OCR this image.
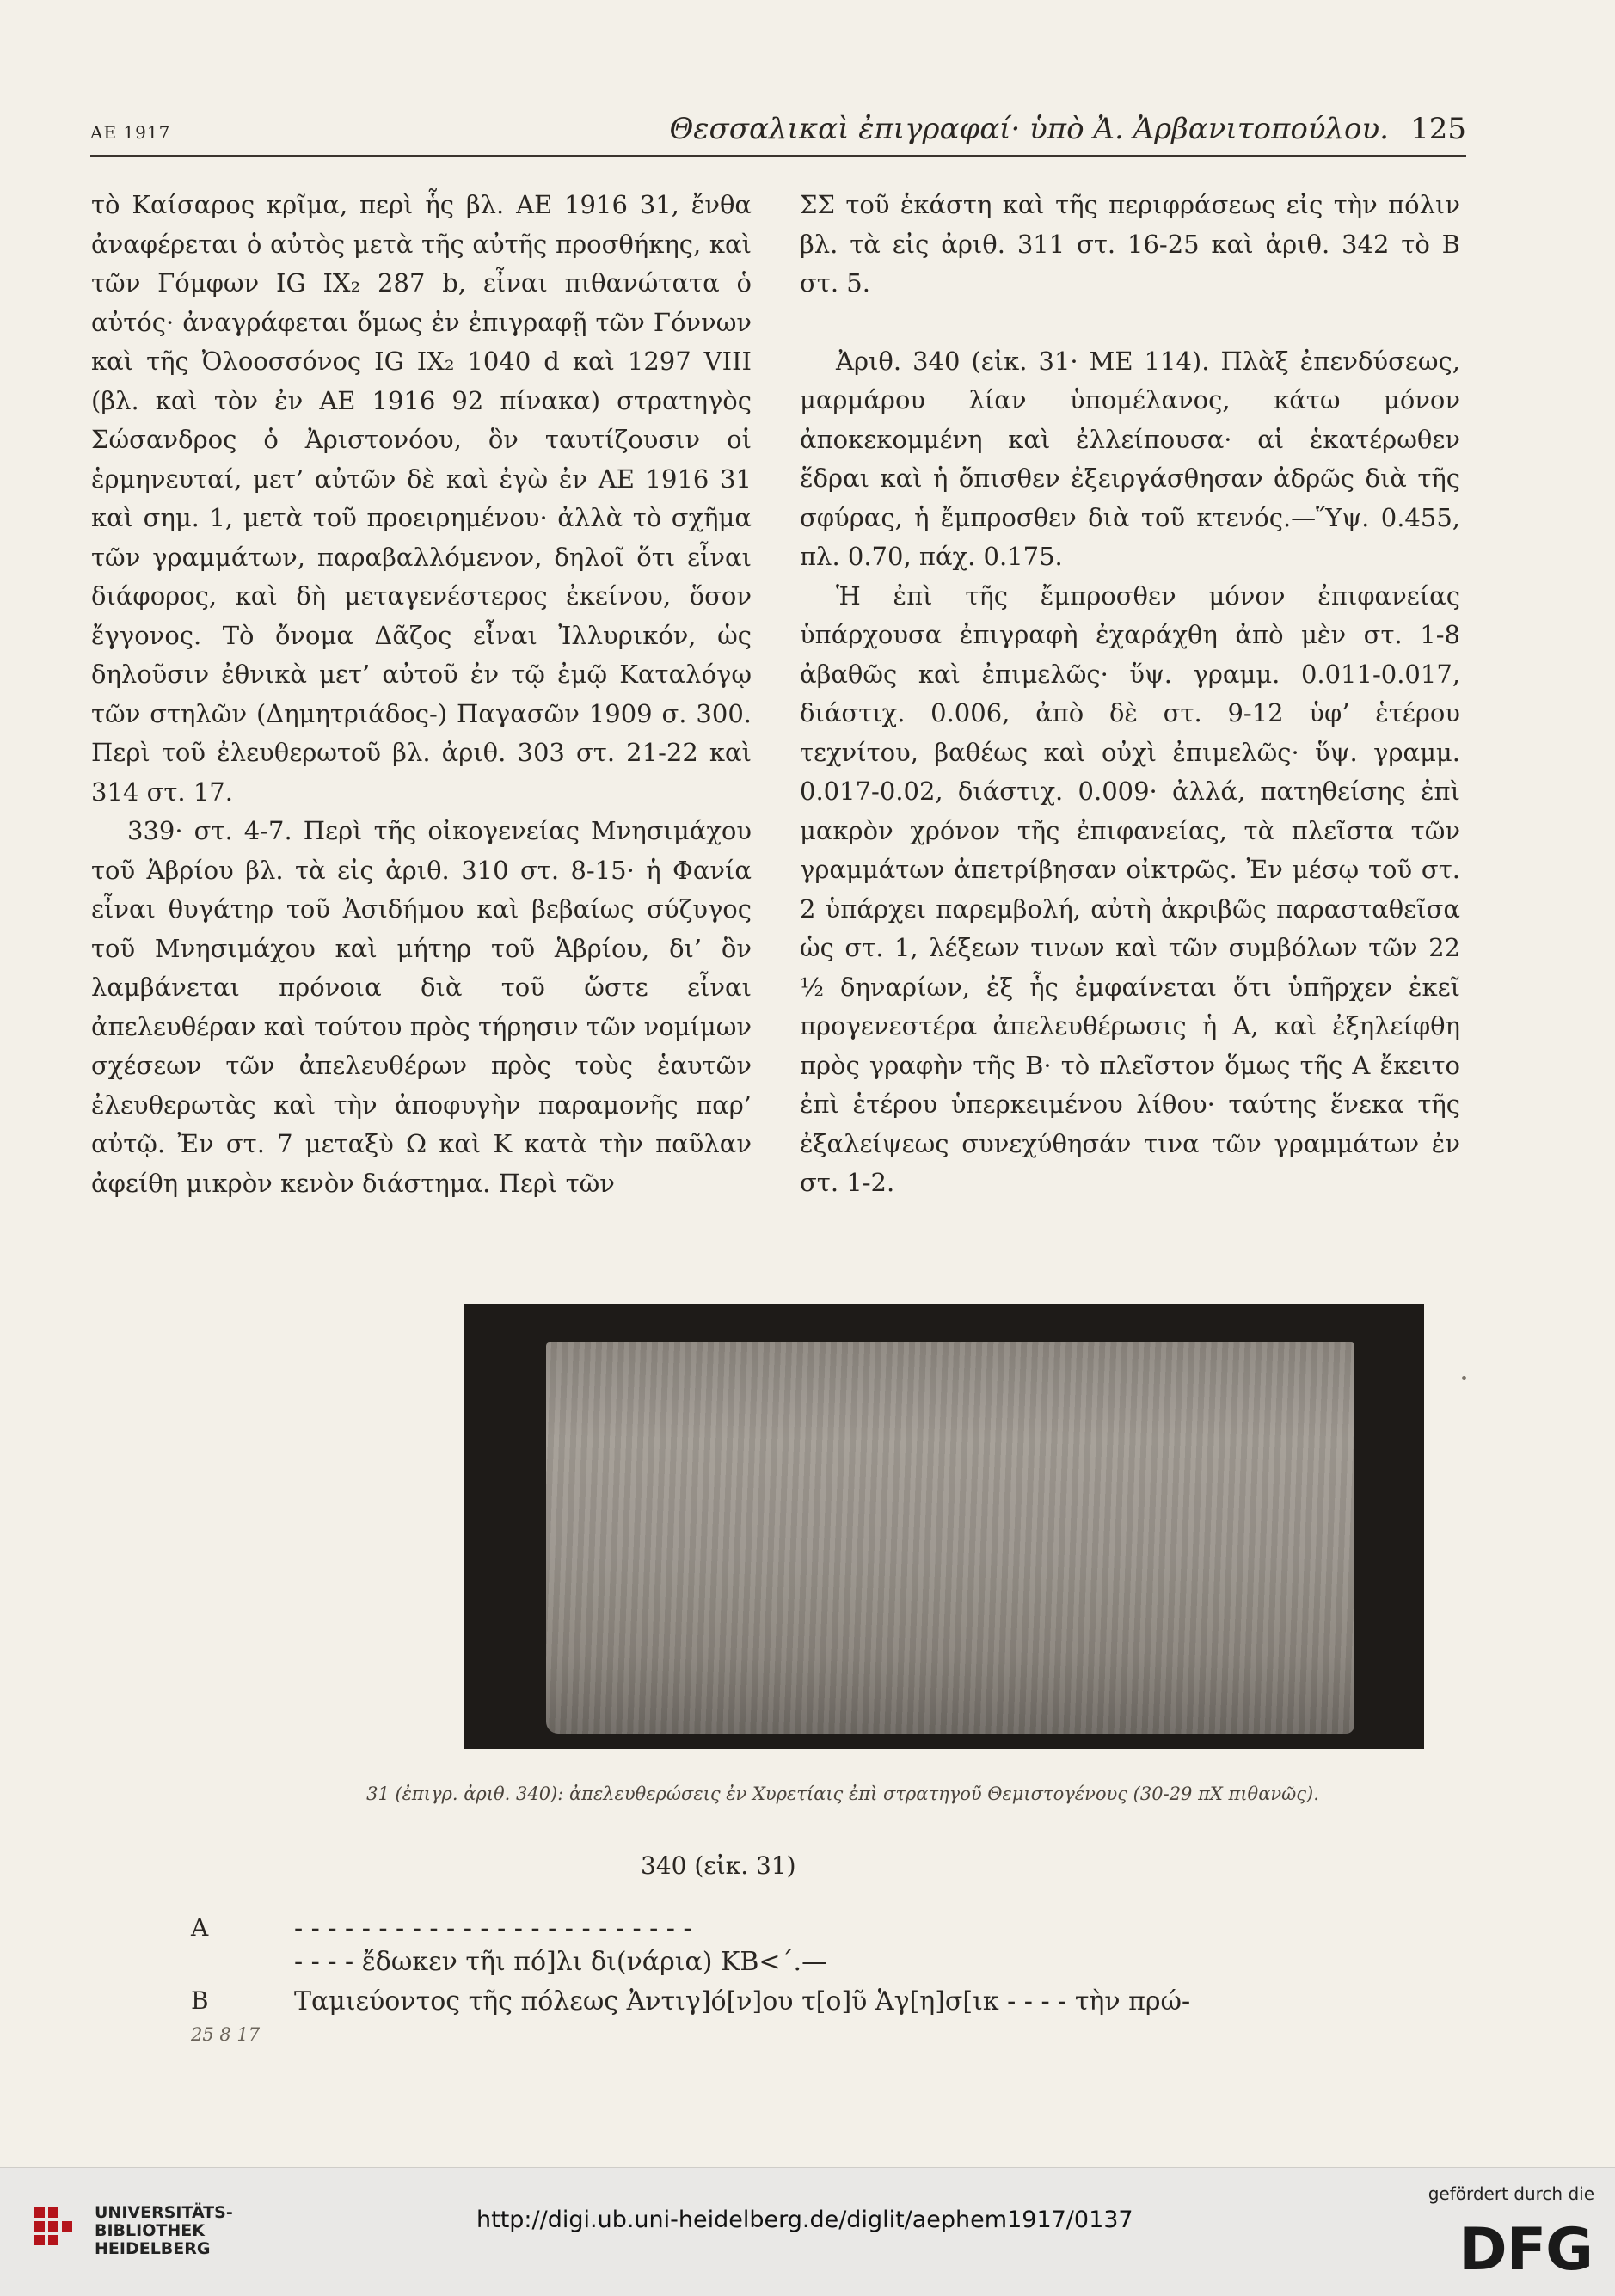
ΑΕ 1917	Θεσσαλικαὶ ἐπιγραφαί· ὑπὸ Ἀ. Ἀρβανιτοπούλου. 125

τὸ Καίσαρος κρῖμα, περὶ ἧς βλ. ΑΕ 1916 31, ἔνθα ἀναφέρεται ὁ αὐτὸς μετὰ τῆς αὐτῆς προσθήκης, καὶ τῶν Γόμφων IG IX₂ 287 b, εἶναι πιθανώτατα ὁ αὐτός· ἀναγράφεται ὅμως ἐν ἐπιγραφῇ τῶν Γόννων καὶ τῆς Ὀλοοσσόνος IG IX₂ 1040 d καὶ 1297 VIII (βλ. καὶ τὸν ἐν ΑΕ 1916 92 πίνακα) στρατηγὸς Σώσανδρος ὁ Ἀριστονόου, ὃν ταυτίζουσιν οἱ ἑρμηνευταί, μετ’ αὐτῶν δὲ καὶ ἐγὼ ἐν ΑΕ 1916 31 καὶ σημ. 1, μετὰ τοῦ προειρημένου· ἀλλὰ τὸ σχῆμα τῶν γραμμάτων, παραβαλλόμενον, δηλοῖ ὅτι εἶναι διάφορος, καὶ δὴ μεταγενέστερος ἐκείνου, ὅσον ἔγγονος. Τὸ ὄνομα Δᾶζος εἶναι Ἰλλυρικόν, ὡς δηλοῦσιν ἐθνικὰ μετ’ αὐτοῦ ἐν τῷ ἐμῷ Καταλόγῳ τῶν στηλῶν (Δημητριάδος-) Παγασῶν 1909 σ. 300. Περὶ τοῦ ἐλευθερωτοῦ βλ. ἀριθ. 303 στ. 21-22 καὶ 314 στ. 17.

339· στ. 4-7. Περὶ τῆς οἰκογενείας Μνησιμάχου τοῦ Ἁβρίου βλ. τὰ εἰς ἀριθ. 310 στ. 8-15· ἡ Φανία εἶναι θυγάτηρ τοῦ Ἀσιδήμου καὶ βεβαίως σύζυγος τοῦ Μνησιμάχου καὶ μήτηρ τοῦ Ἁβρίου, δι’ ὃν λαμβάνεται πρόνοια διὰ τοῦ ὥστε εἶναι ἀπελευθέραν καὶ τούτου πρὸς τήρησιν τῶν νομίμων σχέσεων τῶν ἀπελευθέρων πρὸς τοὺς ἑαυτῶν ἐλευθερωτὰς καὶ τὴν ἀποφυγὴν παραμονῆς παρ’ αὐτῷ. Ἐν στ. 7 μεταξὺ Ω καὶ Κ κατὰ τὴν παῦλαν ἀφείθη μικρὸν κενὸν διάστημα. Περὶ τῶν

ΣΣ τοῦ ἑκάστη καὶ τῆς περιφράσεως εἰς τὴν πόλιν βλ. τὰ εἰς ἀριθ. 311 στ. 16-25 καὶ ἀριθ. 342 τὸ Β στ. 5.

Ἀριθ. 340 (εἰκ. 31· ΜΕ 114). Πλὰξ ἐπενδύσεως, μαρμάρου λίαν ὑπομέλανος, κάτω μόνον ἀποκεκομμένη καὶ ἐλλείπουσα· αἱ ἑκατέρωθεν ἕδραι καὶ ἡ ὄπισθεν ἐξειργάσθησαν ἀδρῶς διὰ τῆς σφύρας, ἡ ἔμπροσθεν διὰ τοῦ κτενός.—Ὕψ. 0.455, πλ. 0.70, πάχ. 0.175.

Ἡ ἐπὶ τῆς ἔμπροσθεν μόνον ἐπιφανείας ὑπάρχουσα ἐπιγραφὴ ἐχαράχθη ἀπὸ μὲν στ. 1-8 ἀβαθῶς καὶ ἐπιμελῶς· ὕψ. γραμμ. 0.011-0.017, διάστιχ. 0.006, ἀπὸ δὲ στ. 9-12 ὑφ’ ἑτέρου τεχνίτου, βαθέως καὶ οὐχὶ ἐπιμελῶς· ὕψ. γραμμ. 0.017-0.02, διάστιχ. 0.009· ἀλλά, πατηθείσης ἐπὶ μακρὸν χρόνον τῆς ἐπιφανείας, τὰ πλεῖστα τῶν γραμμάτων ἀπετρίβησαν οἰκτρῶς. Ἐν μέσῳ τοῦ στ. 2 ὑπάρχει παρεμβολή, αὐτὴ ἀκριβῶς παρασταθεῖσα ὡς στ. 1, λέξεων τινων καὶ τῶν συμβόλων τῶν 22 ½ δηναρίων, ἐξ ἧς ἐμφαίνεται ὅτι ὑπῆρχεν ἐκεῖ προγενεστέρα ἀπελευθέρωσις ἡ Α, καὶ ἐξηλείφθη πρὸς γραφὴν τῆς Β· τὸ πλεῖστον ὅμως τῆς Α ἔκειτο ἐπὶ ἑτέρου ὑπερκειμένου λίθου· ταύτης ἕνεκα τῆς ἐξαλείψεως συνεχύθησάν τινα τῶν γραμμάτων ἐν στ. 1-2.

31 (ἐπιγρ. ἀριθ. 340): ἀπελευθερώσεις ἐν Χυρετίαις ἐπὶ στρατηγοῦ Θεμιστογένους (30-29 πΧ πιθανῶς).
340 (εἰκ. 31)
Α	- - - - - - - - - - - - - - - - - - - - - - - -
- - - - ἔδωκεν τῆι πό]λι δι(νάρια) ΚΒ<΄.—
Β	Ταμιεύοντος τῆς πόλεως Ἀντιγ]ό[ν]ου τ[ο]ῦ Ἁγ[η]σ[ικ - - - - τὴν πρώ-
25 8 17
UNIVERSITÄTS-
BIBLIOTHEK
HEIDELBERG
http://digi.ub.uni-heidelberg.de/diglit/aephem1917/0137
gefördert durch die
DFG
